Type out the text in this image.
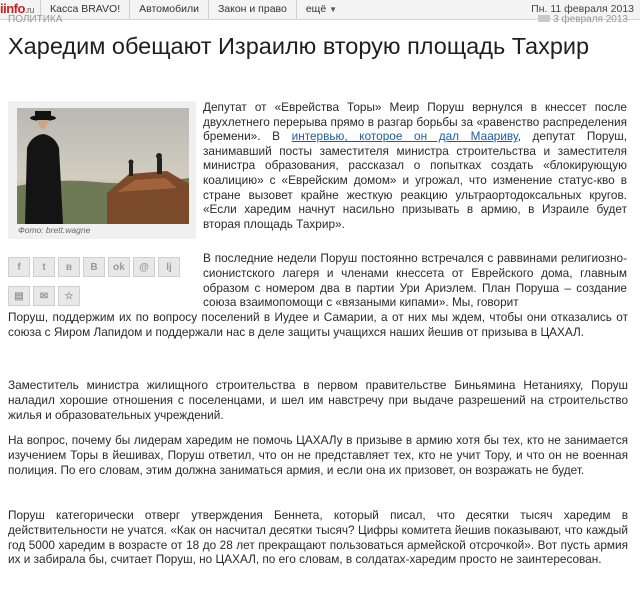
iinfo.ru	Касса BRAVO!	Автомобили	Закон и право	ещё ▼	Пн. 11 февраля 2013
ПОЛИТИКА	3 февраля 2013
Харедим обещают Израилю вторую площадь Тахрир
Фото: brett.wagne
f	t	в	B	ok	@	lj
▤	✉	☆

Депутат от «Еврейства Торы» Меир Поруш вернулся в кнессет после двухлетнего перерыва прямо в разгар борьбы за «равенство распределения бремени». В интервью, которое он дал Маариву, депутат Поруш, занимавший посты заместителя министра строительства и заместителя министра образования, рассказал о попытках создать «блокирующую коалицию» с «Еврейским домом» и угрожал, что изменение статус-кво в стране вызовет крайне жесткую реакцию ультраортодоксальных кругов. «Если харедим начнут насильно призывать в армию, в Израиле будет вторая площадь Тахрир».

В последние недели Поруш постоянно встречался с раввинами религиозно-сионистского лагеря и членами кнессета от Еврейского дома, главным образом с номером два в партии Ури Ариэлем. План Поруша – создание союза взаимопомощи с «вязаными кипами». Мы, говорит

Поруш, поддержим их по вопросу поселений в Иудее и Самарии, а от них мы ждем, чтобы они отказались от союза с Яиром Лапидом и поддержали нас в деле защиты учащихся наших йешив от призыва в ЦАХАЛ.

Заместитель министра жилищного строительства в первом правительстве Биньямина Нетанияху, Поруш наладил хорошие отношения с поселенцами, и шел им навстречу при выдаче разрешений на строительство жилья и образовательных учреждений.

На вопрос, почему бы лидерам харедим не помочь ЦАХАЛу в призыве в армию хотя бы тех, кто не занимается изучением Торы в йешивах, Поруш ответил, что он не представляет тех, кто не учит Тору, и что он не военная полиция. По его словам, этим должна заниматься армия, и если она их призовет, он возражать не будет.

Поруш категорически отверг утверждения Беннета, который писал, что десятки тысяч харедим в действительности не учатся. «Как он насчитал десятки тысяч? Цифры комитета йешив показывают, что каждый год 5000 харедим в возрасте от 18 до 28 лет прекращают пользоваться армейской отсрочкой». Вот пусть армия их и забирала бы, считает Поруш, но ЦАХАЛ, по его словам, в солдатах-харедим просто не заинтересован.
